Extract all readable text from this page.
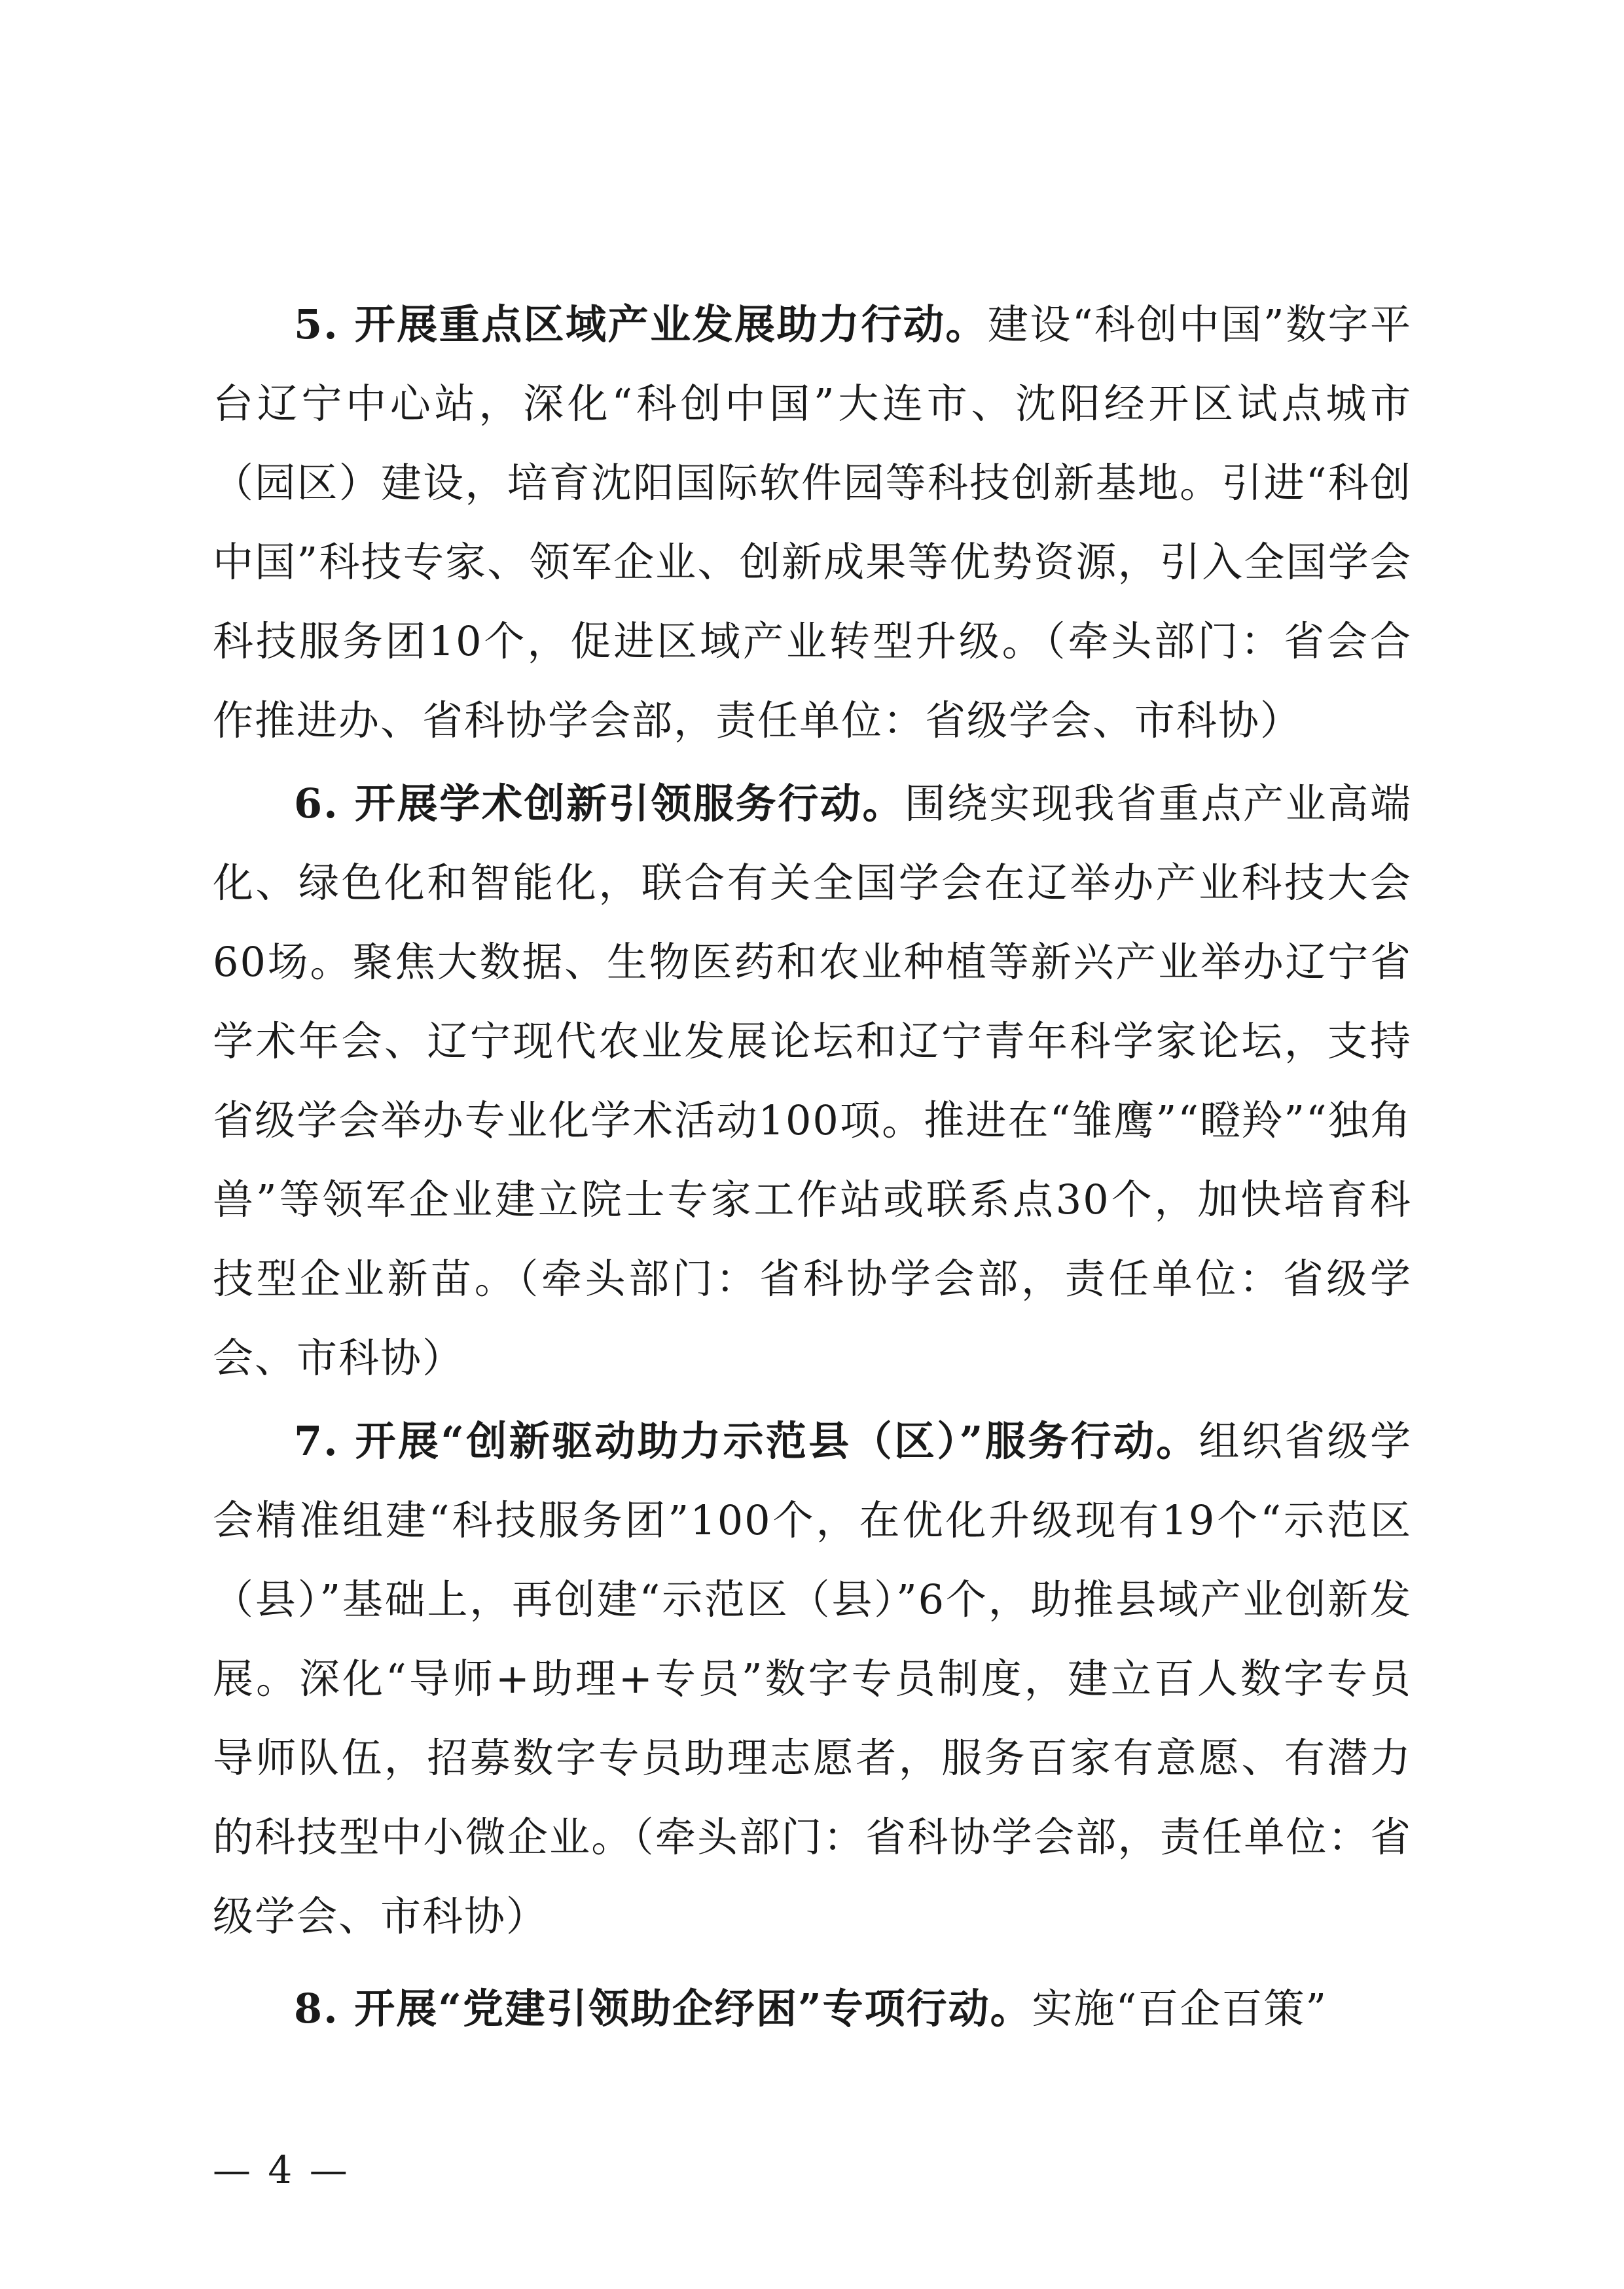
5. 开展重点区域产业发展助力行动。建设“科创中国”数字平台辽宁中心站，深化“科创中国”大连市、沈阳经开区试点城市（园区）建设，培育沈阳国际软件园等科技创新基地。引进“科创中国”科技专家、领军企业、创新成果等优势资源，引入全国学会科技服务团10个，促进区域产业转型升级。（牵头部门：省会合作推进办、省科协学会部，责任单位：省级学会、市科协）

6. 开展学术创新引领服务行动。围绕实现我省重点产业高端化、绿色化和智能化，联合有关全国学会在辽举办产业科技大会60场。聚焦大数据、生物医药和农业种植等新兴产业举办辽宁省学术年会、辽宁现代农业发展论坛和辽宁青年科学家论坛，支持省级学会举办专业化学术活动100项。推进在“雏鹰”“瞪羚”“独角兽”等领军企业建立院士专家工作站或联系点30个，加快培育科技型企业新苗。（牵头部门：省科协学会部，责任单位：省级学会、市科协）

7. 开展“创新驱动助力示范县（区）”服务行动。组织省级学会精准组建“科技服务团”100个，在优化升级现有19个“示范区（县）”基础上，再创建“示范区（县）”6个，助推县域产业创新发展。深化“导师+助理+专员”数字专员制度，建立百人数字专员导师队伍，招募数字专员助理志愿者，服务百家有意愿、有潜力的科技型中小微企业。（牵头部门：省科协学会部，责任单位：省级学会、市科协）

8. 开展“党建引领助企纾困”专项行动。实施“百企百策”

— 4 —
